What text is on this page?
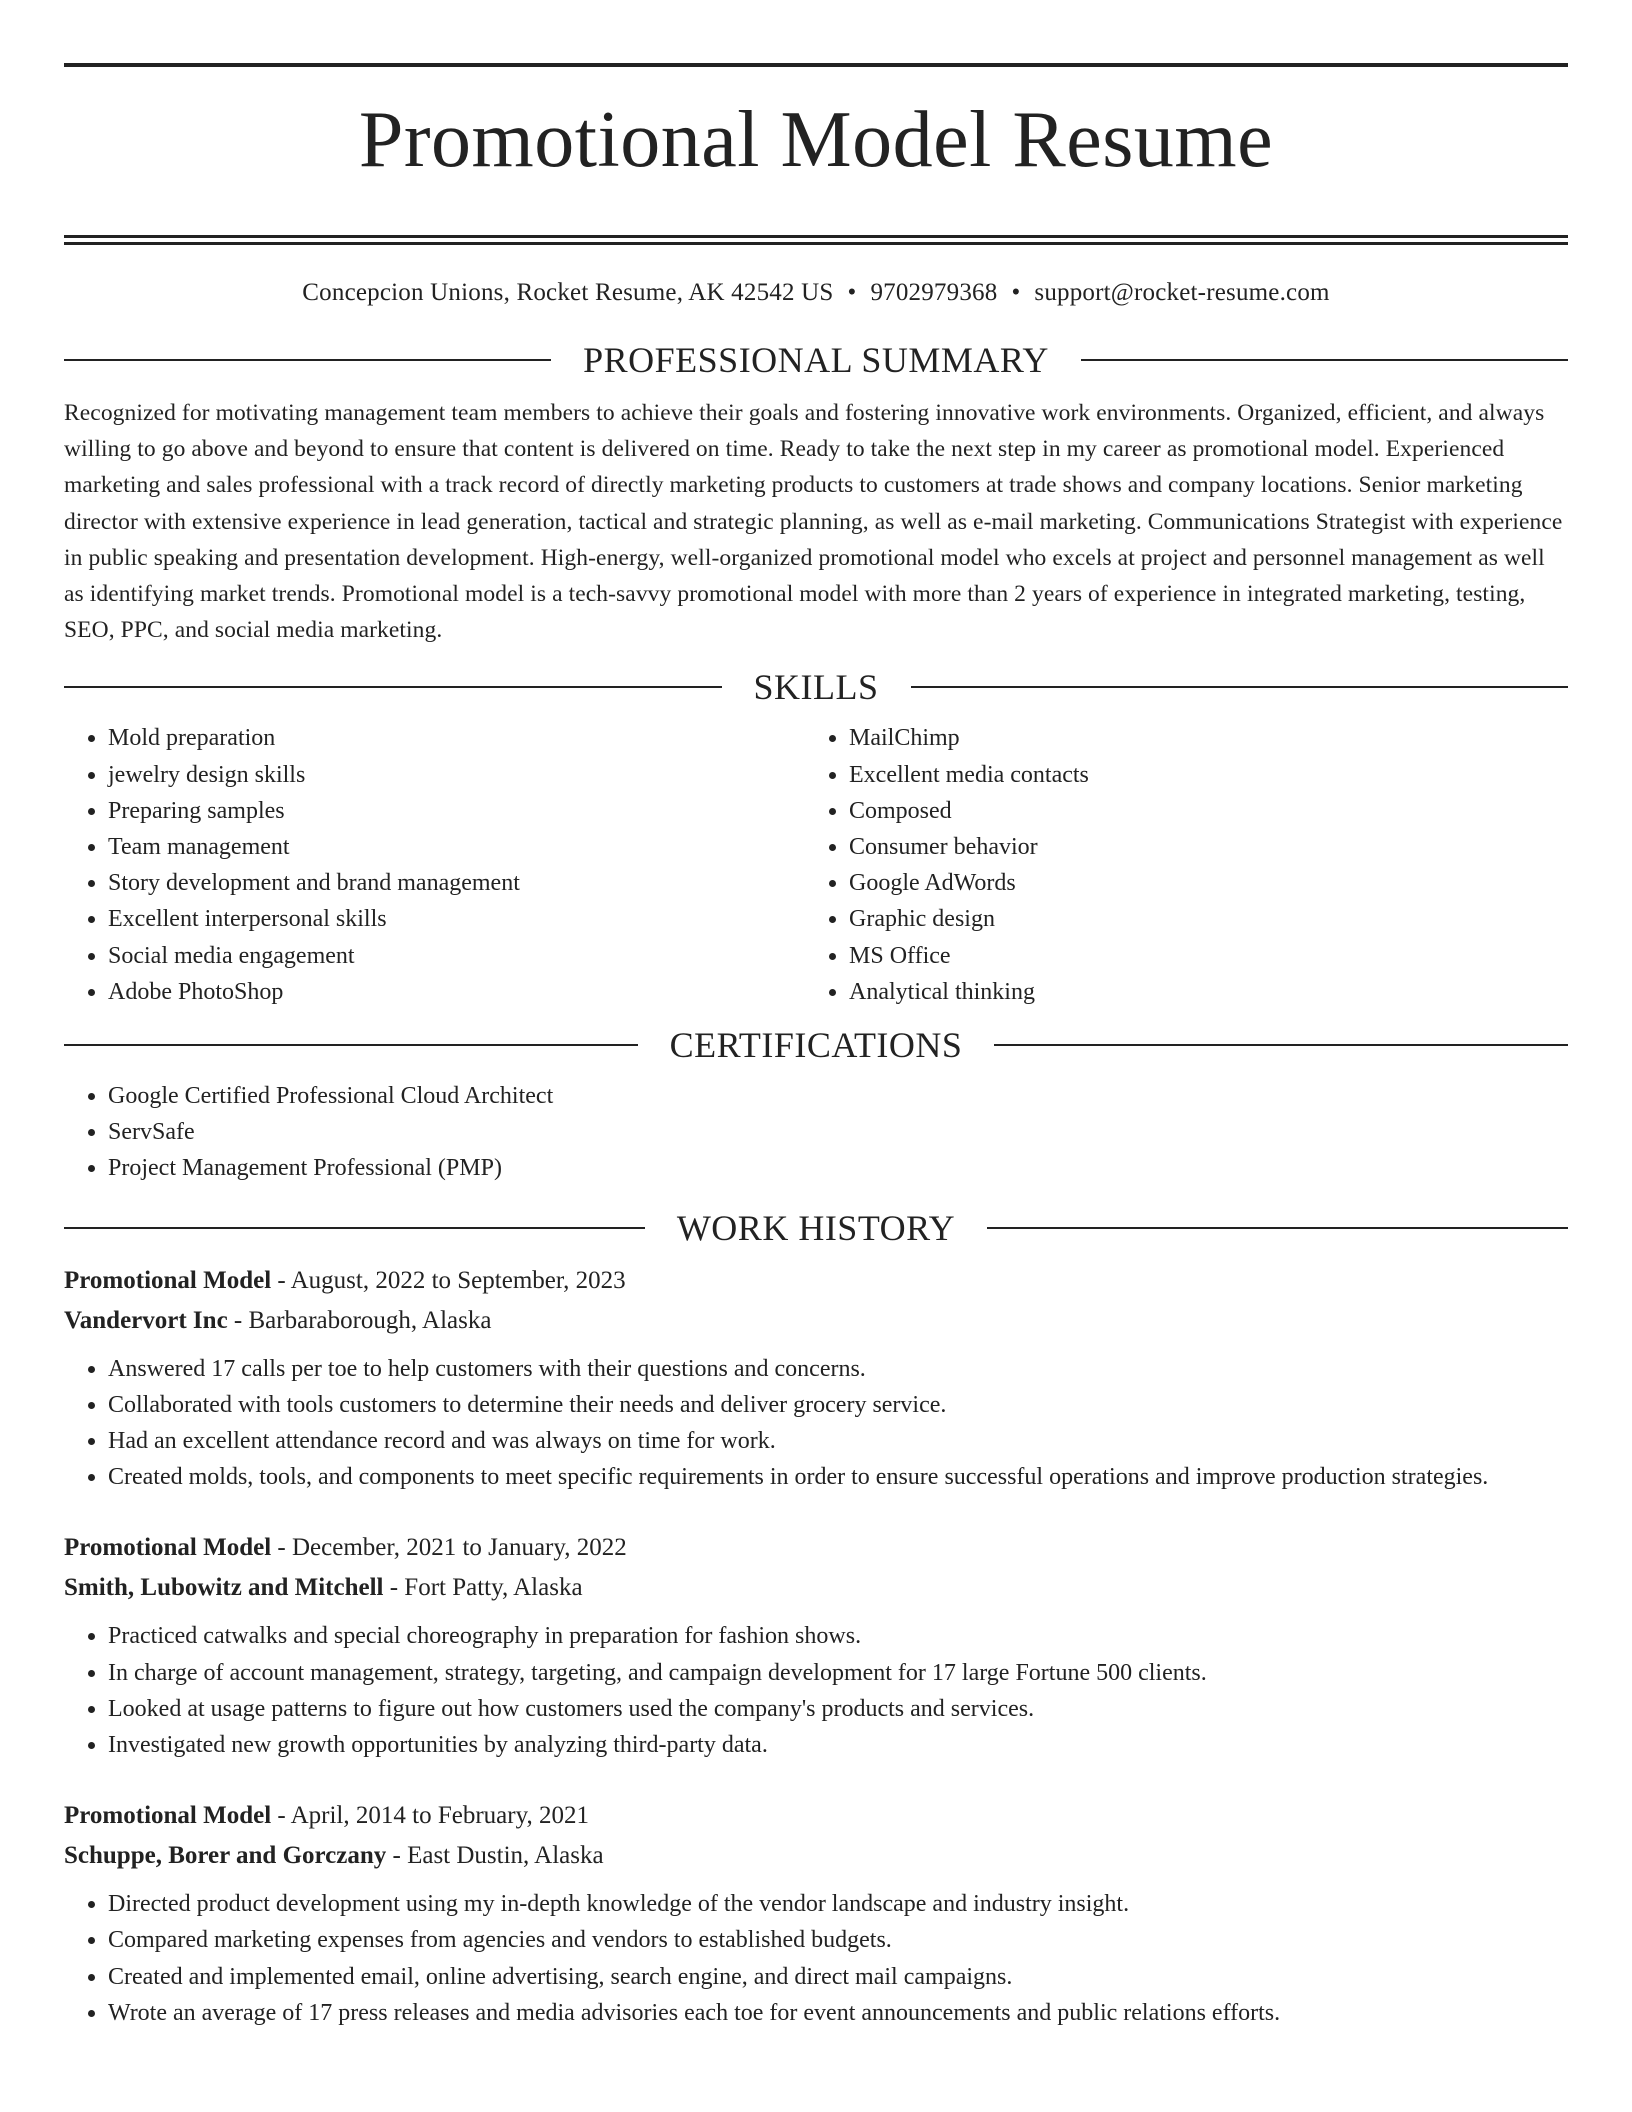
Promotional Model Resume
Concepcion Unions, Rocket Resume, AK 42542 US • 9702979368 • support@rocket-resume.com
PROFESSIONAL SUMMARY

Recognized for motivating management team members to achieve their goals and fostering innovative work environments. Organized, efficient, and always willing to go above and beyond to ensure that content is delivered on time. Ready to take the next step in my career as promotional model. Experienced marketing and sales professional with a track record of directly marketing products to customers at trade shows and company locations. Senior marketing director with extensive experience in lead generation, tactical and strategic planning, as well as e-mail marketing. Communications Strategist with experience in public speaking and presentation development. High-energy, well-organized promotional model who excels at project and personnel management as well as identifying market trends. Promotional model is a tech-savvy promotional model with more than 2 years of experience in integrated marketing, testing, SEO, PPC, and social media marketing.

SKILLS
• Mold preparation
• jewelry design skills
• Preparing samples
• Team management
• Story development and brand management
• Excellent interpersonal skills
• Social media engagement
• Adobe PhotoShop
• MailChimp
• Excellent media contacts
• Composed
• Consumer behavior
• Google AdWords
• Graphic design
• MS Office
• Analytical thinking
CERTIFICATIONS
• Google Certified Professional Cloud Architect
• ServSafe
• Project Management Professional (PMP)
WORK HISTORY
Promotional Model - August, 2022 to September, 2023
Vandervort Inc - Barbaraborough, Alaska
• Answered 17 calls per toe to help customers with their questions and concerns.
• Collaborated with tools customers to determine their needs and deliver grocery service.
• Had an excellent attendance record and was always on time for work.
• Created molds, tools, and components to meet specific requirements in order to ensure successful operations and improve production strategies.
Promotional Model - December, 2021 to January, 2022
Smith, Lubowitz and Mitchell - Fort Patty, Alaska
• Practiced catwalks and special choreography in preparation for fashion shows.
• In charge of account management, strategy, targeting, and campaign development for 17 large Fortune 500 clients.
• Looked at usage patterns to figure out how customers used the company's products and services.
• Investigated new growth opportunities by analyzing third-party data.
Promotional Model - April, 2014 to February, 2021
Schuppe, Borer and Gorczany - East Dustin, Alaska
• Directed product development using my in-depth knowledge of the vendor landscape and industry insight.
• Compared marketing expenses from agencies and vendors to established budgets.
• Created and implemented email, online advertising, search engine, and direct mail campaigns.
• Wrote an average of 17 press releases and media advisories each toe for event announcements and public relations efforts.
